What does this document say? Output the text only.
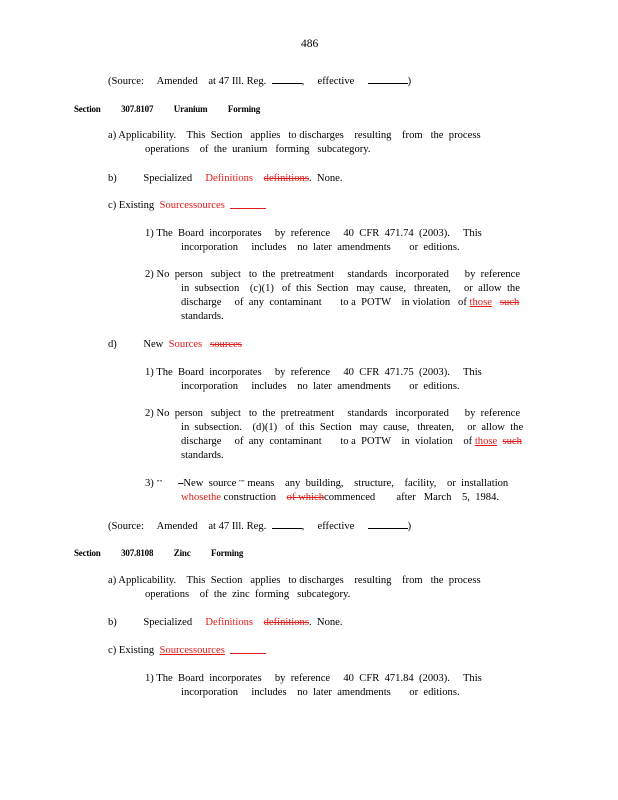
486
(Source: Amended at 47 Ill. Reg.	, effective	)
Section 307.8107 Uranium Forming
a) Applicability.    This  Section   applies   to discharges    resulting    from   the  process
operations    of  the  uranium   forming   subcategory.
b) Specialized Definitions definitions.  None.
c) Existing Sourcessources
1) The  Board  incorporates     by  reference     40  CFR  471.74  (2003).     This
incorporation     includes    no  later  amendments       or  editions.
2) No  person   subject   to  the  pretreatment     standards   incorporated      by  reference
in  subsection    (c)(1)   of  this  Section   may  cause,   threaten,     or  allow  the
discharge     of  any  contaminant       to a  POTW    in violation   of those such
standards.
d) New Sources sources
1) The  Board  incorporates     by  reference     40  CFR  471.75  (2003).     This
incorporation     includes    no  later  amendments       or  editions.
2) No  person   subject   to  the  pretreatment     standards   incorporated      by  reference
in  subsection.    (d)(1)   of  this  Section   may  cause,   threaten,     or  allow  the
discharge     of  any  contaminant       to a  POTW    in  violation    of those such
standards.
3) "" –New  source "" means    any  building,    structure,    facility,    or  installation
whosethe construction    of whichcommenced        after   March    5,  1984.
(Source: Amended at 47 Ill. Reg.	, effective	)
Section 307.8108 Zinc Forming
a) Applicability.    This  Section   applies   to discharges    resulting    from   the  process
operations    of  the  zinc  forming   subcategory.
b) Specialized Definitions definitions.  None.
c) Existing Sourcessources
1) The  Board  incorporates     by  reference     40  CFR  471.84  (2003).     This
incorporation     includes    no  later  amendments       or  editions.
